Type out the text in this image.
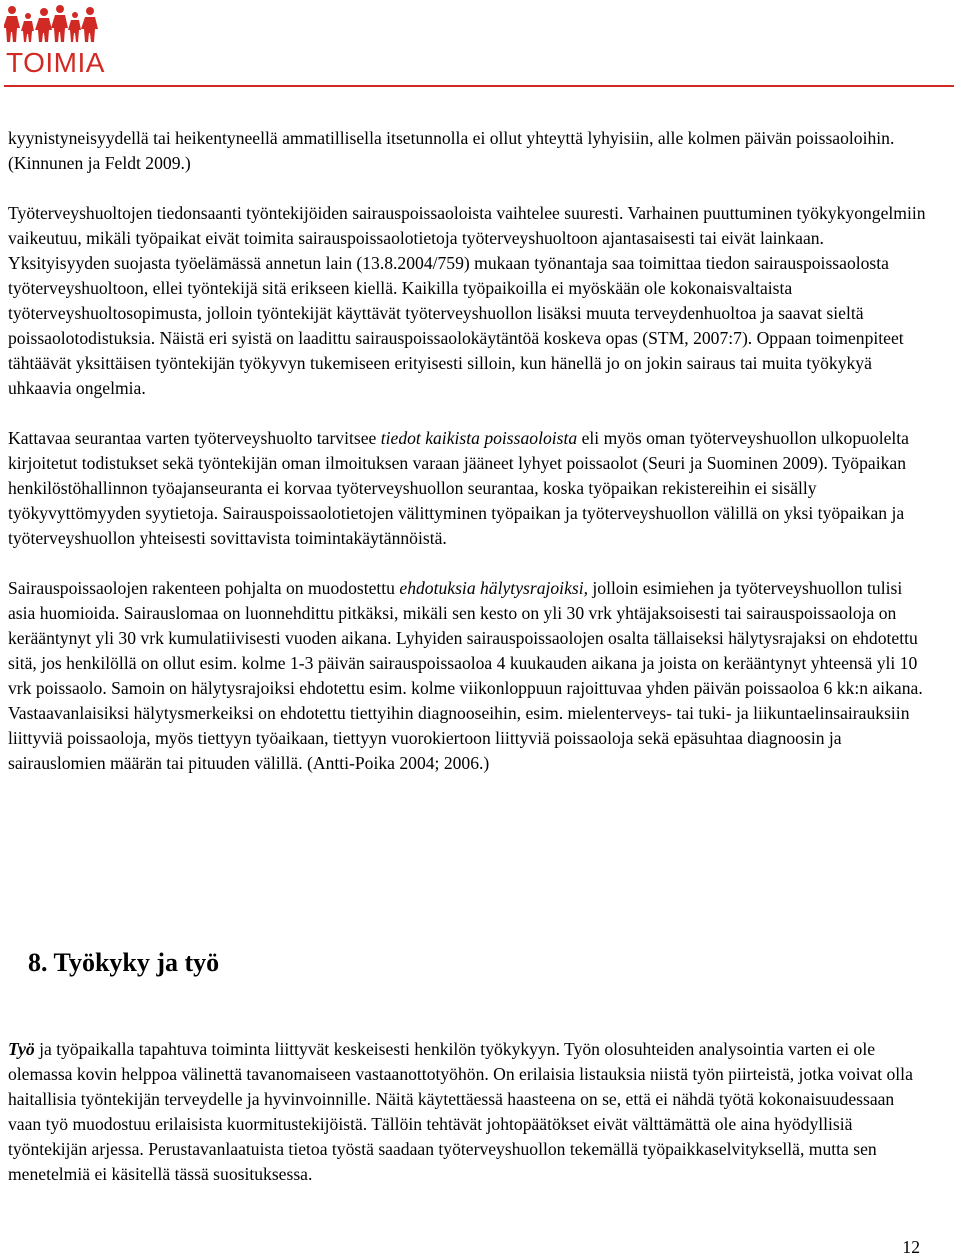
TOIMIA

kyynistyneisyydellä tai heikentyneellä ammatillisella itsetunnolla ei ollut yhteyttä lyhyisiin, alle kolmen päivän poissaoloihin. (Kinnunen ja Feldt 2009.)

Työterveyshuoltojen tiedonsaanti työntekijöiden sairauspoissaoloista vaihtelee suuresti. Varhainen puuttuminen työkykyongelmiin vaikeutuu, mikäli työpaikat eivät toimita sairauspoissaolotietoja työterveyshuoltoon ajantasaisesti tai eivät lainkaan. Yksityisyyden suojasta työelämässä annetun lain (13.8.2004/759) mukaan työnantaja saa toimittaa tiedon sairauspoissaolosta työterveyshuoltoon, ellei työntekijä sitä erikseen kiellä. Kaikilla työpaikoilla ei myöskään ole kokonaisvaltaista työterveyshuoltosopimusta, jolloin työntekijät käyttävät työterveyshuollon lisäksi muuta terveydenhuoltoa ja saavat sieltä poissaolotodistuksia. Näistä eri syistä on laadittu sairauspoissaolokäytäntöä koskeva opas (STM, 2007:7). Oppaan toimenpiteet tähtäävät yksittäisen työntekijän työkyvyn tukemiseen erityisesti silloin, kun hänellä jo on jokin sairaus tai muita työkykyä uhkaavia ongelmia.

Kattavaa seurantaa varten työterveyshuolto tarvitsee tiedot kaikista poissaoloista eli myös oman työterveyshuollon ulkopuolelta kirjoitetut todistukset sekä työntekijän oman ilmoituksen varaan jääneet lyhyet poissaolot (Seuri ja Suominen 2009). Työpaikan henkilöstöhallinnon työajanseuranta ei korvaa työterveyshuollon seurantaa, koska työpaikan rekistereihin ei sisälly työkyvyttömyyden syytietoja. Sairauspoissaolotietojen välittyminen työpaikan ja työterveyshuollon välillä on yksi työpaikan ja työterveyshuollon yhteisesti sovittavista toimintakäytännöistä.

Sairauspoissaolojen rakenteen pohjalta on muodostettu ehdotuksia hälytysrajoiksi, jolloin esimiehen ja työterveyshuollon tulisi asia huomioida. Sairauslomaa on luonnehdittu pitkäksi, mikäli sen kesto on yli 30 vrk yhtäjaksoisesti tai sairauspoissaoloja on kerääntynyt yli 30 vrk kumulatiivisesti vuoden aikana. Lyhyiden sairauspoissaolojen osalta tällaiseksi hälytysrajaksi on ehdotettu sitä, jos henkilöllä on ollut esim. kolme 1-3 päivän sairauspoissaoloa 4 kuukauden aikana ja joista on kerääntynyt yhteensä yli 10 vrk poissaolo. Samoin on hälytysrajoiksi ehdotettu esim. kolme viikonloppuun rajoittuvaa yhden päivän poissaoloa 6 kk:n aikana. Vastaavanlaisiksi hälytysmerkeiksi on ehdotettu tiettyihin diagnooseihin, esim. mielenterveys- tai tuki- ja liikuntaelinsairauksiin liittyviä poissaoloja, myös tiettyyn työaikaan, tiettyyn vuorokiertoon liittyviä poissaoloja sekä epäsuhtaa diagnoosin ja sairauslomien määrän tai pituuden välillä. (Antti-Poika 2004; 2006.)

8. Työkyky ja työ

Työ ja työpaikalla tapahtuva toiminta liittyvät keskeisesti henkilön työkykyyn. Työn olosuhteiden analysointia varten ei ole olemassa kovin helppoa välinettä tavanomaiseen vastaanottotyöhön. On erilaisia listauksia niistä työn piirteistä, jotka voivat olla haitallisia työntekijän terveydelle ja hyvinvoinnille. Näitä käytettäessä haasteena on se, että ei nähdä työtä kokonaisuudessaan vaan työ muodostuu erilaisista kuormitustekijöistä. Tällöin tehtävät johtopäätökset eivät välttämättä ole aina hyödyllisiä työntekijän arjessa. Perustavanlaatuista tietoa työstä saadaan työterveyshuollon tekemällä työpaikkaselvityksellä, mutta sen menetelmiä ei käsitellä tässä suosituksessa.

12
